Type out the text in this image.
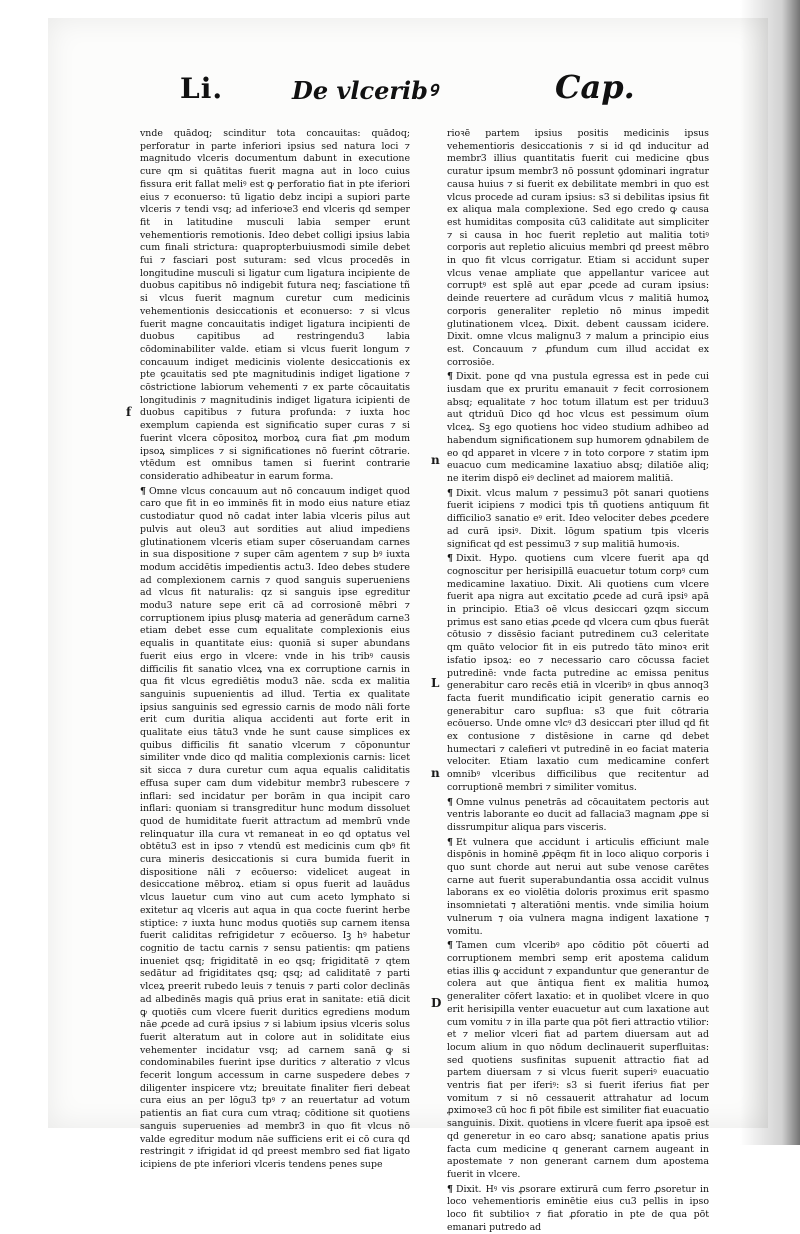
Li.	De vlceribꝰ	Cap.
f
n
L
n
D

vnde quādoq; scinditur tota concauitas: quādoq; perforatur in parte inferiori ipsius sed natura loci ⁊ magnitudo vlceris documentum dabunt in executione cure qm si quātitas fuerit magna aut in loco cuius fissura erit fallat meliꝰ est ꝙ perforatio fiat in pte iferiori eius ⁊ econuerso: tū ligatio debz incipi a supiori parte vlceris ⁊ tendi vsq; ad inferioꝛe3 end vlceris qd semper fit in latitudine musculi labia semper erunt vehementioris remotionis. Ideo debet colligi ipsius labia cum finali strictura: quapropterbuiusmodi simile debet fui ⁊ fasciari post suturam: sed vlcus procedēs in longitudine musculi si ligatur cum ligatura incipiente de duobus capitibus nō indigebit futura neq; fasciatione tñ si vlcus fuerit magnum curetur cum medicinis vehementionis desiccationis et econuerso: ⁊ si vlcus fuerit magne concauitatis indiget ligatura incipienti de duobus capitibus ad restringendu3 labia cōdominabiliter valde. etiam si vlcus fuerit longum ⁊ concauum indiget medicinis violente desiccationis ex pte ꝯcauitatis sed pte magnitudinis indiget ligatione ⁊ cōstrictione labiorum vehementi ⁊ ex parte cōcauitatis longitudinis ⁊ magnitudinis indiget ligatura icipienti de duobus capitibus ⁊ futura profunda: ⁊ iuxta hoc exemplum capienda est significatio super curas ⁊ si fuerint vlcera cōpositoꝝ morboꝝ cura fiat ꝓm modum ipsoꝝ simplices ⁊ si significationes nō fuerint cōtrarie. vtēdum est omnibus tamen si fuerint contrarie consideratio adhibeatur in earum forma.

¶ Omne vlcus concauum aut nō concauum indiget quod caro que fit in eo imminēs fit in modo eius nature etiaz custodiatur quod nō cadat inter labia vlceris pilus aut pulvis aut oleu3 aut sordities aut aliud impediens glutinationem vlceris etiam super cōseruandam carnes in sua dispositione ⁊ super cām agentem ⁊ sup bꝰ iuxta modum accidētis impedientis actu3. Ideo debes studere ad complexionem carnis ⁊ quod sanguis superueniens ad vlcus fit naturalis: qz si sanguis ipse egreditur modu3 nature sepe erit cā ad corrosionē mēbri ⁊ corruptionem ipius plusꝙ materia ad generādum carne3 etiam debet esse cum equalitate complexionis eius equalis in quantitate eius: quoniā si super abundans fuerit eius ergo in vlcere: vnde in his tribꝰ causis difficilis fit sanatio vlceꝝ vna ex corruptione carnis in qua fit vlcus egrediētis modu3 nāe. scda ex malitia sanguinis supuenientis ad illud. Tertia ex qualitate ipsius sanguinis sed egressio carnis de modo nāli forte erit cum duritia aliqua accidenti aut forte erit in qualitate eius tātu3 vnde he sunt cause simplices ex quibus difficilis fit sanatio vlcerum ⁊ cōponuntur similiter vnde dico qd malitia complexionis carnis: licet sit sicca ⁊ dura curetur cum aqua equalis caliditatis effusa super cam dum videbitur membr3 rubescere ⁊ inflari: sed incidatur per borām in qua incipit caro inflari: quoniam si transgreditur hunc modum dissoluet quod de humiditate fuerit attractum ad membrū vnde relinquatur illa cura vt remaneat in eo qd optatus vel obtētu3 est in ipso ⁊ vtendū est medicinis cum qbꝰ fit cura mineris desiccationis si cura bumida fuerit in dispositione nāli ⁊ ecōuerso: videlicet augeat in desiccatione mēbroꝝ. etiam si opus fuerit ad lauādus vlcus lauetur cum vino aut cum aceto lymphato si exitetur aq vlceris aut aqua in qua cocte fuerint herbe stiptice: ⁊ iuxta hunc modus quotiēs sup carnem itensa fuerit caliditas refrigidetur ⁊ ecōuerso. Iꝫ hꝰ habetur cognitio de tactu carnis ⁊ sensu patientis: qm patiens inueniet qsq; frigiditatē in eo qsq; frigiditatē ⁊ qtem sedātur ad frigiditates qsq; qsq; ad caliditatē ⁊ parti vlceꝝ preerit rubedo leuis ⁊ tenuis ⁊ parti color declinās ad albedinēs magis quā prius erat in sanitate: etiā dicit ꝙ quotiēs cum vlcere fuerit duritics egrediens modum nāe ꝓcede ad curā ipsius ⁊ si labium ipsius vlceris solus fuerit alteratum aut in colore aut in soliditate eius vehementer incidatur vsq; ad carnem sanā ꝙ si condominabiles fuerint ipse duritics ⁊ alteratio ⁊ vlcus fecerit longum accessum in carne suspedere debes ⁊ diligenter inspicere vtz; breuitate finaliter fieri debeat cura eius an per lōgu3 tpꝰ ⁊ an reuertatur ad votum patientis an fiat cura cum vtraq; cōditione sit quotiens sanguis superuenies ad membr3 in quo fit vlcus nō valde egreditur modum nāe sufficiens erit ei cō cura qd restringit ⁊ ifrigidat id qd preest membro sed fiat ligato icipiens de pte inferiori vlceris tendens penes supe

rioꝛē partem ipsius positis medicinis ipsus vehementioris desiccationis ⁊ si id qd inducitur ad membr3 illius quantitatis fuerit cui medicine qbus curatur ipsum membr3 nō possunt ꝯdominari ingratur causa huius ⁊ si fuerit ex debilitate membri in quo est vlcus procede ad curam ipsius: s3 si debilitas ipsius fit ex aliqua mala complexione. Sed ego credo ꝙ causa est humiditas composita cū3 caliditate aut simpliciter ⁊ si causa in hoc fuerit repletio aut malitia totiꝰ corporis aut repletio alicuius membri qd preest mēbro in quo fit vlcus corrigatur. Etiam si accidunt super vlcus venae ampliate que appellantur varicee aut corruptꝰ est splē aut epar ꝓcede ad curam ipsius: deinde reuertere ad curādum vlcus ⁊ malitiā humoꝝ corporis generaliter repletio nō minus impedit glutinationem vlceꝝ. Dixit. debent caussam icidere. Dixit. omne vlcus malignu3 ⁊ malum a principio eius est. Concauum ⁊ ꝓfundum cum illud accidat ex corrosiōe.

¶ Dixit. pone qd vna pustula egressa est in pede cui iusdam que ex pruritu emanauit ⁊ fecit corrosionem absq; equalitate ⁊ hoc totum illatum est per triduu3 aut qtriduū Dico qd hoc vlcus est pessimum oīum vlceꝝ. Sꝫ ego quotiens hoc video studium adhibeo ad habendum significationem sup humorem ꝯdnabilem de eo qd apparet in vlcere ⁊ in toto corpore ⁊ statim ipm euacuo cum medicamine laxatiuo absq; dilatiōe aliq; ne iterim dispō eiꝰ declinet ad maiorem malitiā.

¶ Dixit. vlcus malum ⁊ pessimu3 pōt sanari quotiens fuerit icipiens ⁊ modici tpis tñ quotiens antiquum fit difficilio3 sanatio eꝰ erit. Ideo velociter debes ꝓcedere ad curā ipsiꝰ. Dixit. lōgum spatium tpis vlceris significat qd est pessimu3 ⁊ sup malitiā humoꝛis.

¶ Dixit. Hypo. quotiens cum vlcere fuerit apa qd cognoscitur per herisipillā euacuetur totum corpꝰ cum medicamine laxatiuo. Dixit. Ali quotiens cum vlcere fuerit apa nigra aut excitatio ꝓcede ad curā ipsiꝰ apā in principio. Etia3 oē vlcus desiccari ꝯzqm siccum primus est sano etias ꝓcede qd vlcera cum qbus fuerāt cōtusio ⁊ dissēsio faciant putredinem cu3 celeritate qm quāto velocior fit in eis putredo tāto minoꝛ erit isfatio ipsoꝝ: eo ⁊ necessario caro cōcussa faciet putredinē: vnde facta putredine ac emissa penitus generabitur caro recēs etiā in vlceribꝰ in qbus annoq3 facta fuerit mundificatio icipit generatio carnis eo generabitur caro supflua: s3 que fuit cōtraria ecōuerso. Unde omne vlcꝰ d3 desiccari pter illud qd fit ex contusione ⁊ distēsione in carne qd debet humectari ⁊ calefieri vt putredinē in eo faciat materia velociter. Etiam laxatio cum medicamine confert omnibꝰ vlceribus difficilibus que recitentur ad corruptionē membri ⁊ similiter vomitus.

¶ Omne vulnus penetrās ad cōcauitatem pectoris aut ventris laborante eo ducit ad fallacia3 magnam ꝓpe si dissrumpitur aliqua pars visceris.

¶ Et vulnera que accidunt i articulis efficiunt male dispōnis in hominē ꝓpēqm fit in loco aliquo corporis i quo sunt chorde aut nerui aut sube venose carētes carne aut fuerit superabundantia ossa accidit vulnus laborans ex eo violētia doloris proximus erit spasmo insomnietati ⁊ alteratiōni mentis. vnde similia hoium vulnerum ⁊ oia vulnera magna indigent laxatione ⁊ vomitu.

¶ Tamen cum vlceribꝰ apo cōditio pōt cōuerti ad corruptionem membri semp erit apostema calidum etias illis ꝙ accidunt ⁊ expanduntur que generantur de colera aut que āntiqua fient ex malitia humoꝝ generaliter cōfert laxatio: et in quolibet vlcere in quo erit herisipilla venter euacuetur aut cum laxatione aut cum vomitu ⁊ in illa parte qua pōt fieri attractio vtilior: et ⁊ melior vlceri fiat ad partem diuersam aut ad locum alium in quo nōdum declinauerit superfluitas: sed quotiens susfinitas supuenit attractio fiat ad partem diuersam ⁊ si vlcus fuerit superiꝰ euacuatio ventris fiat per iferiꝰ: s3 si fuerit iferius fiat per vomitum ⁊ si nō cessauerit attrahatur ad locum ꝓximoꝛe3 cū hoc fi pōt fibile est similiter fiat euacuatio sanguinis. Dixit. quotiens in vlcere fuerit apa ipsoē est qd generetur in eo caro absq; sanatione apatis prius facta cum medicine q generant carnem augeant in apostemate ⁊ non generant carnem dum apostema fuerit in vlcere.

¶ Dixit. Hꝰ vis ꝓsorare extirurā cum ferro ꝓsoretur in loco vehementioris eminētie eius cu3 pellis in ipso loco fit subtilioꝛ ⁊ fiat ꝓforatio in pte de qua pōt emanari putredo ad
